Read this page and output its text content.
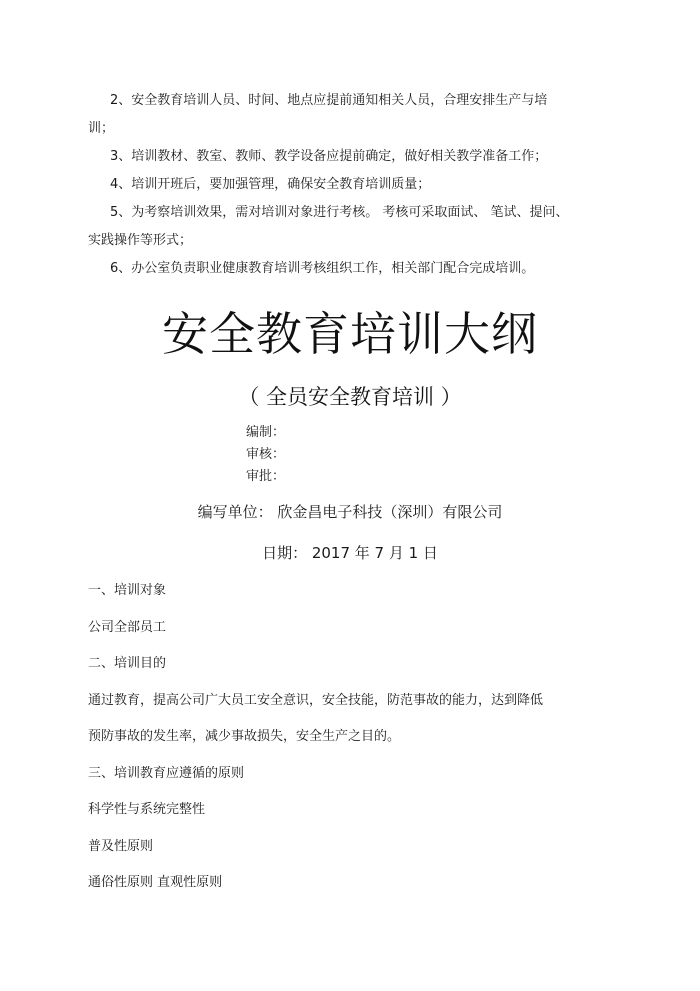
2、安全教育培训人员、时间、地点应提前通知相关人员，合理安排生产与培
训；
3、培训教材、教室、教师、教学设备应提前确定，做好相关教学准备工作；
4、培训开班后，要加强管理，确保安全教育培训质量；
5、为考察培训效果，需对培训对象进行考核。 考核可采取面试、 笔试、提问、
实践操作等形式；
6、办公室负责职业健康教育培训考核组织工作，相关部门配合完成培训。
安全教育培训大纲
（ 全员安全教育培训 ）
编制：
审核：
审批：
编写单位： 欣金昌电子科技（深圳）有限公司
日期： 2017 年 7 月 1 日
一、培训对象
公司全部员工
二、培训目的
通过教育，提高公司广大员工安全意识，安全技能，防范事故的能力，达到降低
预防事故的发生率，减少事故损失，安全生产之目的。
三、培训教育应遵循的原则
科学性与系统完整性
普及性原则
通俗性原则 直观性原则
